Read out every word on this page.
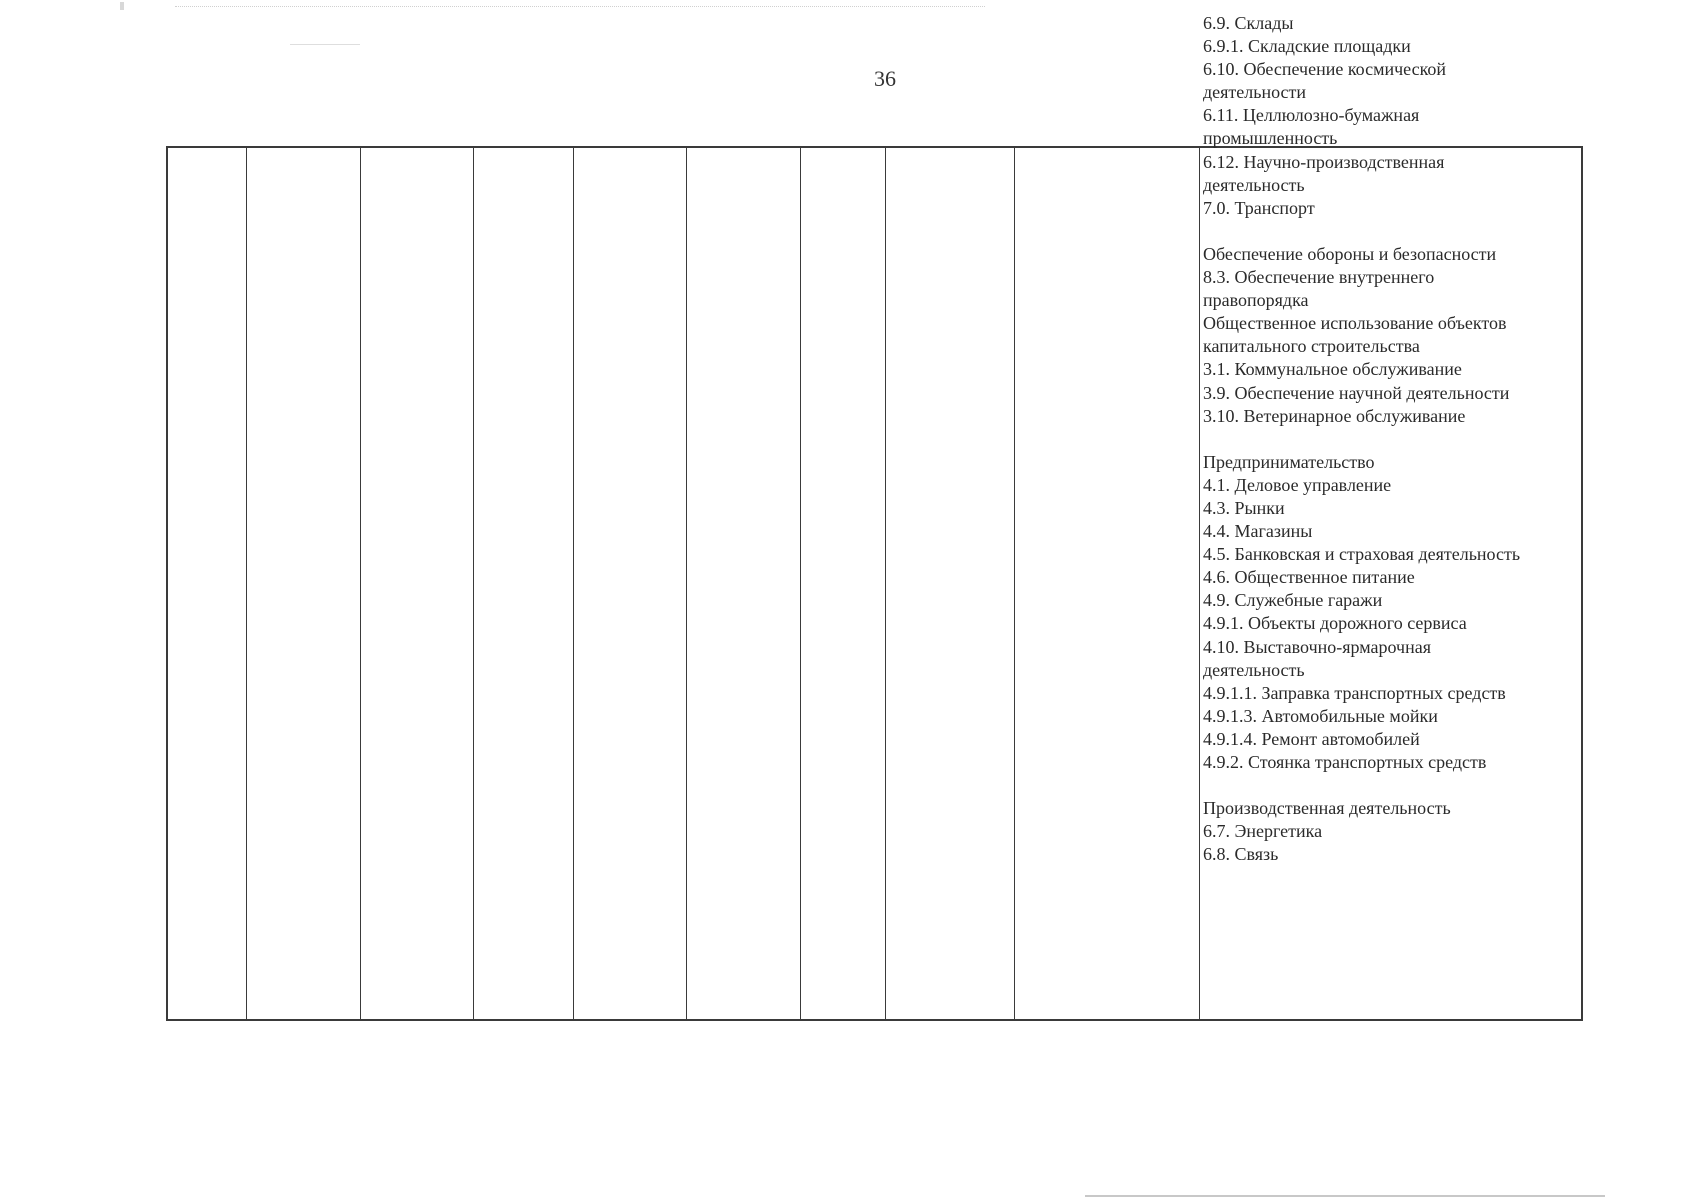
36
6.9. Склады
6.9.1. Складские площадки
6.10. Обеспечение космической
деятельности
6.11. Целлюлозно-бумажная
промышленность
6.12. Научно-производственная
деятельность
7.0. Транспорт
Обеспечение обороны и безопасности
8.3. Обеспечение внутреннего
правопорядка
Общественное использование объектов
капитального строительства
3.1. Коммунальное обслуживание
3.9. Обеспечение научной деятельности
3.10. Ветеринарное обслуживание
Предпринимательство
4.1. Деловое управление
4.3. Рынки
4.4. Магазины
4.5. Банковская и страховая деятельность
4.6. Общественное питание
4.9. Служебные гаражи
4.9.1. Объекты дорожного сервиса
4.10. Выставочно-ярмарочная
деятельность
4.9.1.1. Заправка транспортных средств
4.9.1.3. Автомобильные мойки
4.9.1.4. Ремонт автомобилей
4.9.2. Стоянка транспортных средств
Производственная деятельность
6.7. Энергетика
6.8. Связь
